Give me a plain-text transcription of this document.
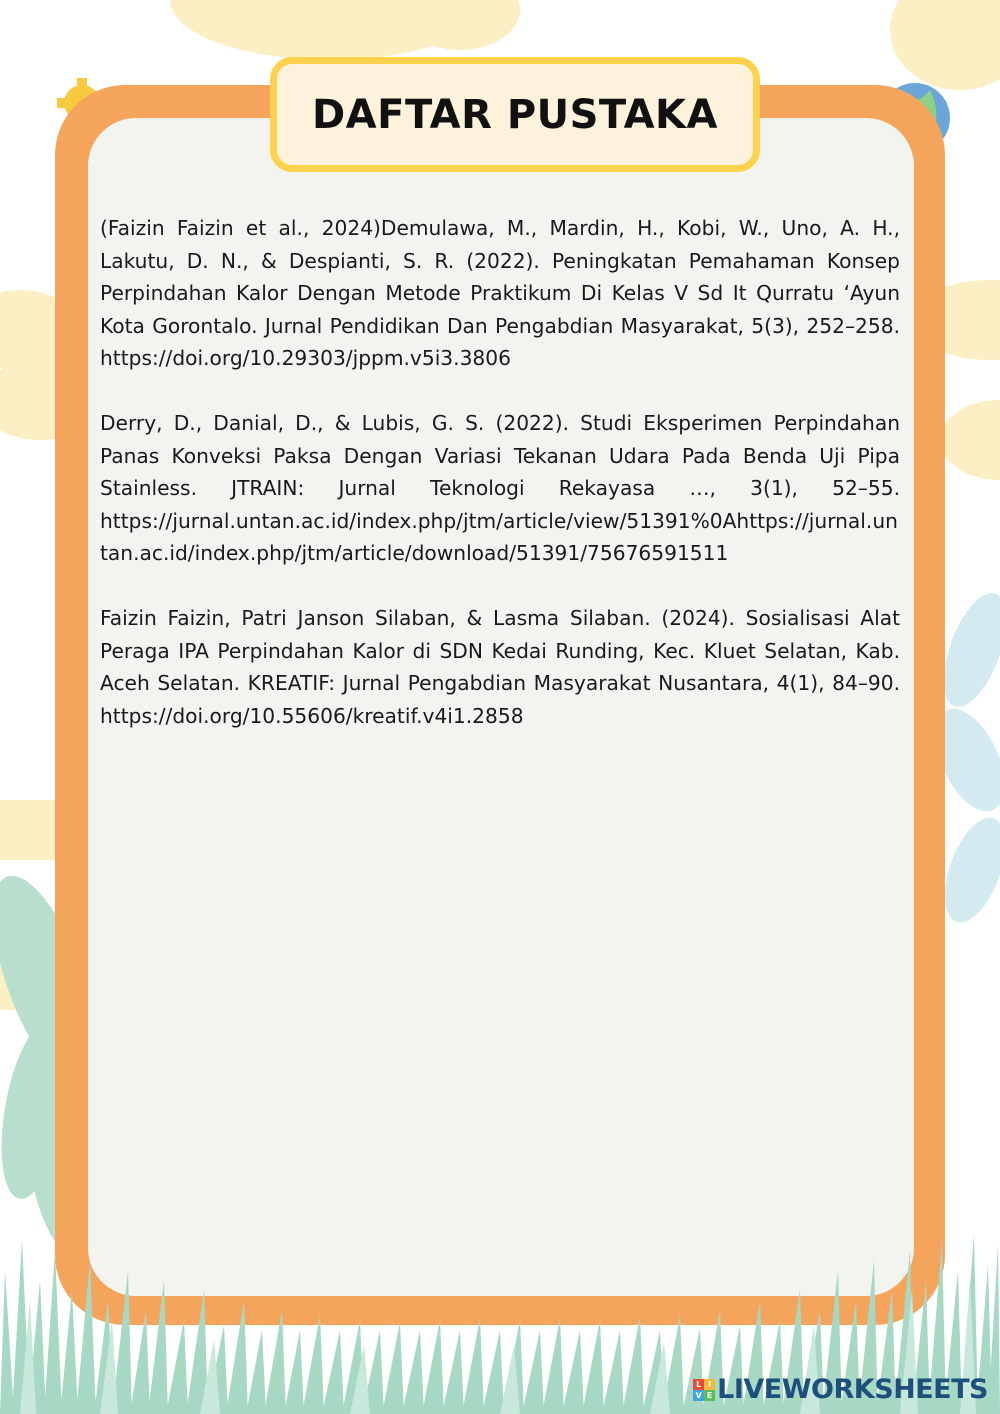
DAFTAR PUSTAKA

(Faizin Faizin et al., 2024)Demulawa, M., Mardin, H., Kobi, W., Uno, A. H., Lakutu, D. N., & Despianti, S. R. (2022). Peningkatan Pemahaman Konsep Perpindahan Kalor Dengan Metode Praktikum Di Kelas V Sd It Qurratu ‘Ayun Kota Gorontalo. Jurnal Pendidikan Dan Pengabdian Masyarakat, 5(3), 252–258. https://doi.org/10.29303/jppm.v5i3.3806

Derry, D., Danial, D., & Lubis, G. S. (2022). Studi Eksperimen Perpindahan Panas Konveksi Paksa Dengan Variasi Tekanan Udara Pada Benda Uji Pipa Stainless. JTRAIN: Jurnal Teknologi Rekayasa …, 3(1), 52–55. https://jurnal.untan.ac.id/index.php/jtm/article/view/51391%0Ahttps://jurnal.untan.ac.id/index.php/jtm/article/download/51391/75676591511

Faizin Faizin, Patri Janson Silaban, & Lasma Silaban. (2024). Sosialisasi Alat Peraga IPA Perpindahan Kalor di SDN Kedai Runding, Kec. Kluet Selatan, Kab. Aceh Selatan. KREATIF: Jurnal Pengabdian Masyarakat Nusantara, 4(1), 84–90. https://doi.org/10.55606/kreatif.v4i1.2858

L I
V E LIVEWORKSHEETS
